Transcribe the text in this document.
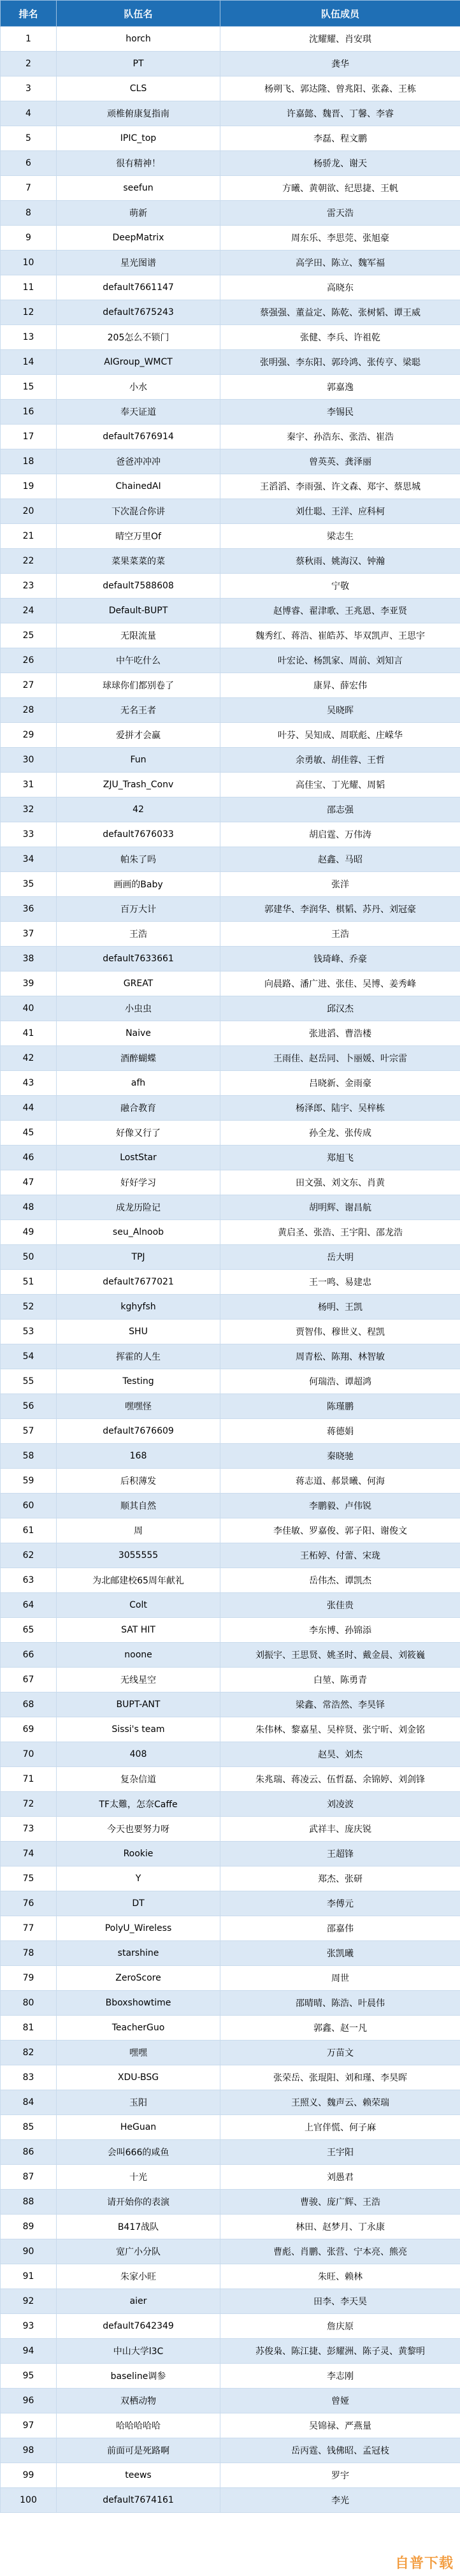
排名	队伍名	队伍成员
1	horch	沈耀耀、肖安琪
2	PT	龚华
3	CLS	杨朔飞、郭达隆、曾兆阳、张淼、王栋
4	顽椎俯康复指南	许嘉懿、魏晋、丁馨、李睿
5	IPIC_top	李磊、程文鹏
6	很有精神！	杨骄龙、谢天
7	seefun	方曦、黄朝欲、纪思捷、王帆
8	萌新	雷天浩
9	DeepMatrix	周东乐、李思莞、张旭豪
10	星光图谱	高学田、陈立、魏军福
11	default7661147	高晓东
12	default7675243	蔡强强、董益定、陈乾、张树韬、谭王威
13	205怎么不锁门	张健、李兵、许祖乾
14	AIGroup_WMCT	张明强、李东阳、郭玲鸿、张传亨、梁聪
15	小水	郭嘉逸
16	奉天证道	李锡民
17	default7676914	秦宇、孙浩东、张浩、崔浩
18	爸爸冲冲冲	曾英英、龚泽丽
19	ChainedAI	王滔滔、李雨强、许文森、郑宇、蔡思城
20	下次混合你讲	刘仕聪、王洋、应科柯
21	晴空万里Of	梁志生
22	菜果菜菜的菜	蔡秋雨、姚海汉、钟瀚
23	default7588608	宁敬
24	Default-BUPT	赵博睿、翟津歌、王兆恩、李亚贤
25	无限流量	魏秀红、蒋浩、崔皓苏、毕双凯声、王思宇
26	中午吃什么	叶宏论、杨凯家、周前、刘知言
27	球球你们都别卷了	康昇、薛宏伟
28	无名王者	吴晓晖
29	爱拼才会赢	叶芬、吴知成、周联彪、庄嵘华
30	Fun	余勇敏、胡佳蓉、王哲
31	ZJU_Trash_Conv	高佳宝、丁光耀、周韬
32	42	邵志强
33	default7676033	胡启霆、万伟涛
34	帕朱了吗	赵鑫、马昭
35	画画的Baby	张洋
36	百万大计	郭建华、李润华、棋韬、苏丹、刘冠豪
37	王浩	王浩
38	default7633661	钱琦峰、乔豪
39	GREAT	向晨路、潘广进、张佳、吴博、姜秀峰
40	小虫虫	邱汉杰
41	Naive	张进滔、曹浩楼
42	酒醉蝴蝶	王雨佳、赵岳同、卜丽媛、叶宗雷
43	afh	吕晓新、金雨豪
44	融合教育	杨泽郎、陆宇、吴梓栋
45	好像又行了	孙全龙、张传成
46	LostStar	郑旭飞
47	好好学习	田文强、刘文东、肖黄
48	成龙历险记	胡明辉、谢昌航
49	seu_Alnoob	黄启圣、张浩、王宇阳、邵龙浩
50	TPJ	岳大明
51	default7677021	王一鸣、易建忠
52	kghyfsh	杨明、王凯
53	SHU	贾智伟、穆世义、程凯
54	挥霍的人生	周青松、陈翔、林智敏
55	Testing	何瑞浩、谭超鸿
56	嘿嘿怪	陈瑾鹏
57	default7676609	蒋德娟
58	168	秦晓驰
59	后积薄发	蒋志道、郝景曦、何海
60	顺其自然	李鹏毅、卢伟锐
61	周	李佳敏、罗嘉俊、郭子阳、谢俊文
62	3055555	王柘婷、付蕾、宋珑
63	为北邮建校65周年献礼	岳伟杰、谭凯杰
64	Colt	张佳贵
65	SAT HIT	李东博、孙锦添
66	noone	刘振宇、王思贤、姚圣时、戴金晨、刘筱巍
67	无线星空	白堃、陈勇青
68	BUPT-ANT	梁鑫、常浩然、李昊铎
69	Sissi's team	朱伟林、黎嘉星、吴梓贤、张宁昕、刘金铭
70	408	赵昊、刘杰
71	复杂信道	朱兆瑞、蒋凌云、伍哲磊、余锦婷、刘剑锋
72	TF太難，怎奈Caffe	刘凌波
73	今天也要努力呀	武祥丰、庞庆锐
74	Rookie	王超锋
75	Y	郑杰、张研
76	DT	李傅元
77	PolyU_Wireless	邵嘉伟
78	starshine	张凯曦
79	ZeroScore	周世
80	Bboxshowtime	邵晴晴、陈浩、叶晨伟
81	TeacherGuo	郭鑫、赵一凡
82	嘿嘿	万苗文
83	XDU-BSG	张荣岳、张琨阳、刘和瑾、李昊晖
84	玉阳	王照义、魏声云、赖荣瑞
85	HeGuan	上官伴慌、何子麻
86	会叫666的咸鱼	王宇阳
87	十光	刘愚君
88	请开始你的表演	曹骏、庞广辉、王浩
89	B417战队	林田、赵梦月、丁永康
90	宽广小分队	曹彪、肖鹏、张营、宁本亮、熊亮
91	朱家小旺	朱旺、赖林
92	aier	田李、李天昊
93	default7642349	詹庆原
94	中山大学l3C	苏俊枭、陈江捷、彭耀洲、陈子灵、黄黎明
95	baseline调参	李志刚
96	双栖动物	曾娅
97	哈哈哈哈哈	吴锦禄、严燕量
98	前面可是死路啊	岳丙霆、钱佛昭、孟冠枝
99	teews	罗宇
100	default7674161	李光
自普下载
